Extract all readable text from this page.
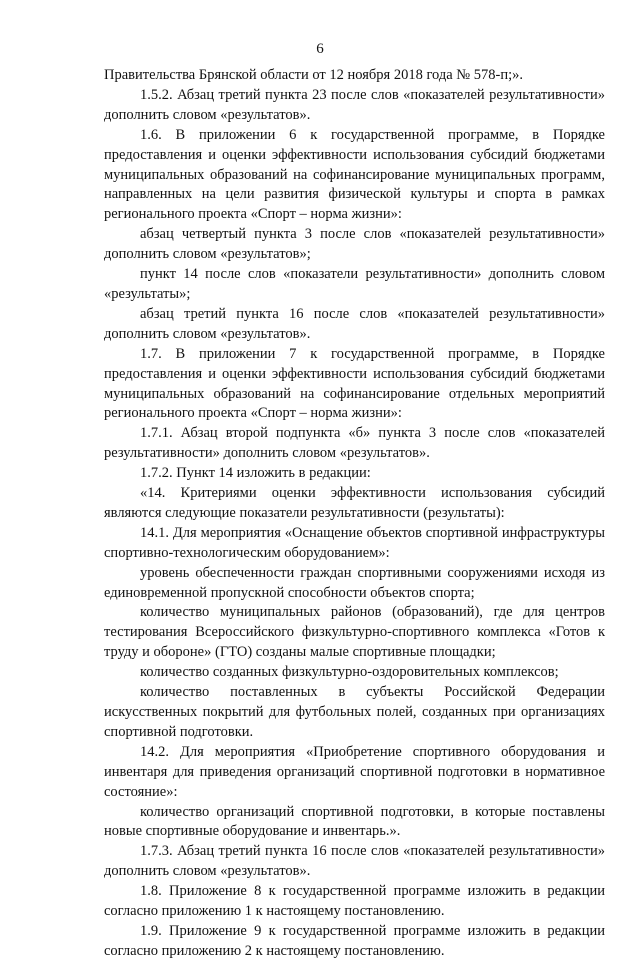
6

Правительства Брянской области от 12 ноября 2018 года № 578-п;».

1.5.2. Абзац третий пункта 23 после слов «показателей результативности» дополнить словом «результатов».

1.6. В приложении 6 к государственной программе, в Порядке предоставления и оценки эффективности использования субсидий бюджетами муниципальных образований на софинансирование муниципальных программ, направленных на цели развития физической культуры и спорта в рамках регионального проекта «Спорт – норма жизни»:

абзац четвертый пункта 3 после слов «показателей результативности» дополнить словом «результатов»;

пункт 14 после слов «показатели результативности» дополнить словом «результаты»;

абзац третий пункта 16 после слов «показателей результативности» дополнить словом «результатов».

1.7. В приложении 7 к государственной программе, в Порядке предоставления и оценки эффективности использования субсидий бюджетами муниципальных образований на софинансирование отдельных мероприятий регионального проекта «Спорт – норма жизни»:

1.7.1. Абзац второй подпункта «б» пункта 3 после слов «показателей результативности» дополнить словом «результатов».

1.7.2. Пункт 14 изложить в редакции:

«14. Критериями оценки эффективности использования субсидий являются следующие показатели результативности (результаты):

14.1. Для мероприятия «Оснащение объектов спортивной инфраструктуры спортивно-технологическим оборудованием»:

уровень обеспеченности граждан спортивными сооружениями исходя из единовременной пропускной способности объектов спорта;

количество муниципальных районов (образований), где для центров тестирования Всероссийского физкультурно-спортивного комплекса «Готов к труду и обороне» (ГТО) созданы малые спортивные площадки;

количество созданных физкультурно-оздоровительных комплексов;

количество поставленных в субъекты Российской Федерации искусственных покрытий для футбольных полей, созданных при организациях спортивной подготовки.

14.2. Для мероприятия «Приобретение спортивного оборудования и инвентаря для приведения организаций спортивной подготовки в нормативное состояние»:

количество организаций спортивной подготовки, в которые поставлены новые спортивные оборудование и инвентарь.».

1.7.3. Абзац третий пункта 16 после слов «показателей результативности» дополнить словом «результатов».

1.8. Приложение 8 к государственной программе изложить в редакции согласно приложению 1 к настоящему постановлению.

1.9. Приложение 9 к государственной программе изложить в редакции согласно приложению 2 к настоящему постановлению.
